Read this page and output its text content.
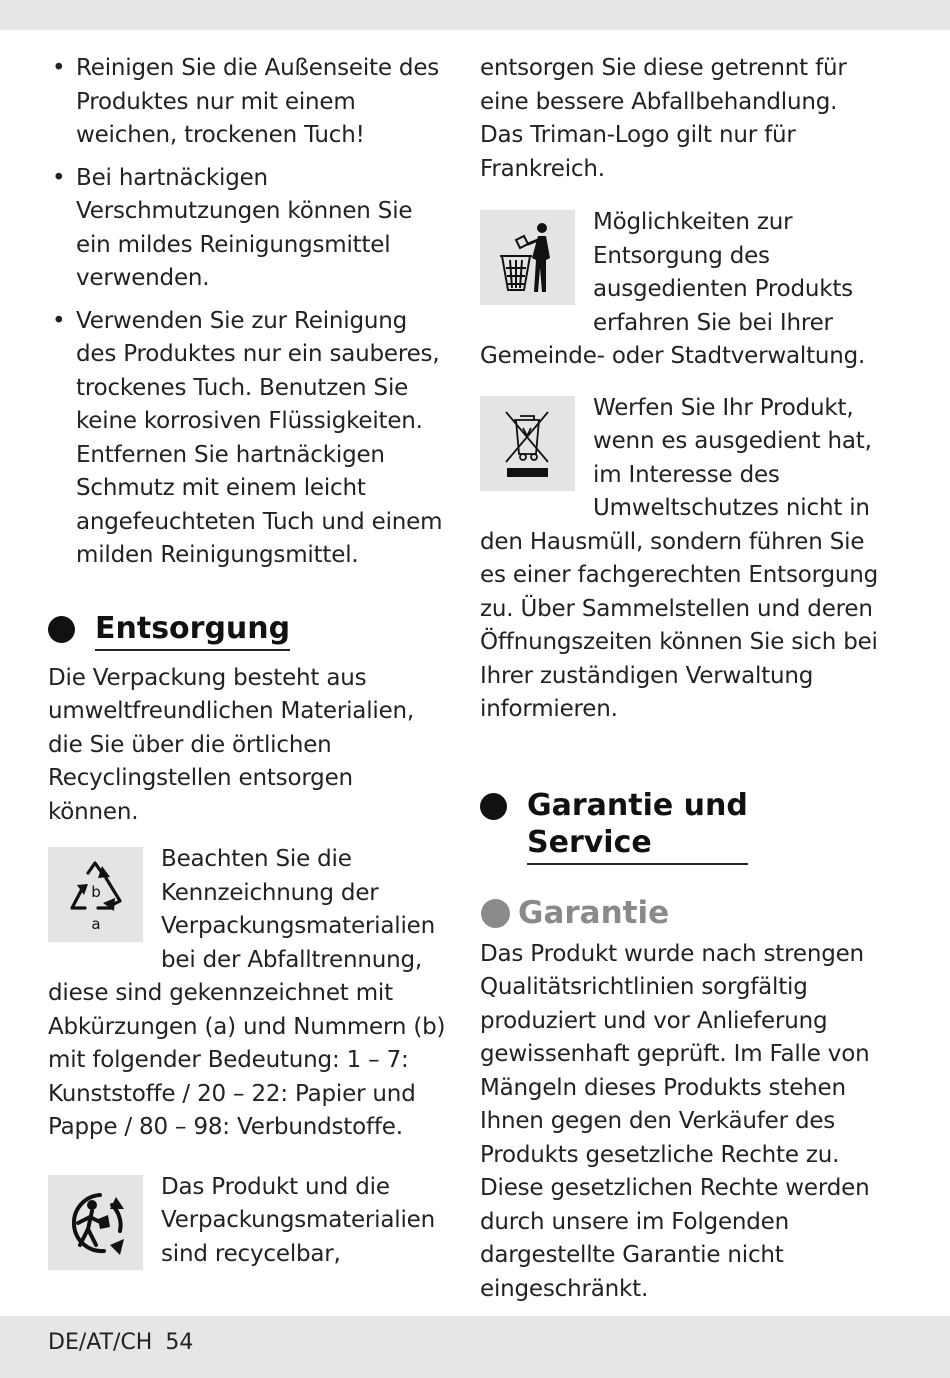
• Reinigen Sie die Außenseite des Produktes nur mit einem weichen, trockenen Tuch!
• Bei hartnäckigen Verschmutzungen können Sie ein mildes Reinigungsmittel verwenden.
• Verwenden Sie zur Reinigung des Produktes nur ein sauberes, trockenes Tuch. Benutzen Sie keine korrosiven Flüssigkeiten. Entfernen Sie hartnäckigen Schmutz mit einem leicht angefeuchteten Tuch und einem milden Reinigungsmittel.
Entsorgung

Die Verpackung besteht aus umweltfreundlichen Materialien, die Sie über die örtlichen Recyclingstellen entsorgen können.

b
a

Beachten Sie die Kennzeichnung der Verpackungsmaterialien bei der Abfalltrennung, diese sind gekennzeichnet mit Abkürzungen (a) und Nummern (b) mit folgender Bedeutung: 1 – 7: Kunststoffe / 20 – 22: Papier und Pappe / 80 – 98: Verbundstoffe.

Das Produkt und die Verpackungsmaterialien sind recycelbar,

entsorgen Sie diese getrennt für eine bessere Abfallbehandlung. Das Triman-Logo gilt nur für Frankreich.

Möglichkeiten zur Entsorgung des ausgedienten Produkts erfahren Sie bei Ihrer Gemeinde- oder Stadtverwaltung.

Werfen Sie Ihr Produkt, wenn es ausgedient hat, im Interesse des Umweltschutzes nicht in den Hausmüll, sondern führen Sie es einer fachgerechten Entsorgung zu. Über Sammelstellen und deren Öffnungszeiten können Sie sich bei Ihrer zuständigen Verwaltung informieren.

Garantie und
Service
Garantie

Das Produkt wurde nach strengen Qualitätsrichtlinien sorgfältig produziert und vor Anlieferung gewissenhaft geprüft. Im Falle von Mängeln dieses Produkts stehen Ihnen gegen den Verkäufer des Produkts gesetzliche Rechte zu. Diese gesetzlichen Rechte werden durch unsere im Folgenden dargestellte Garantie nicht eingeschränkt.

DE/AT/CH 54
